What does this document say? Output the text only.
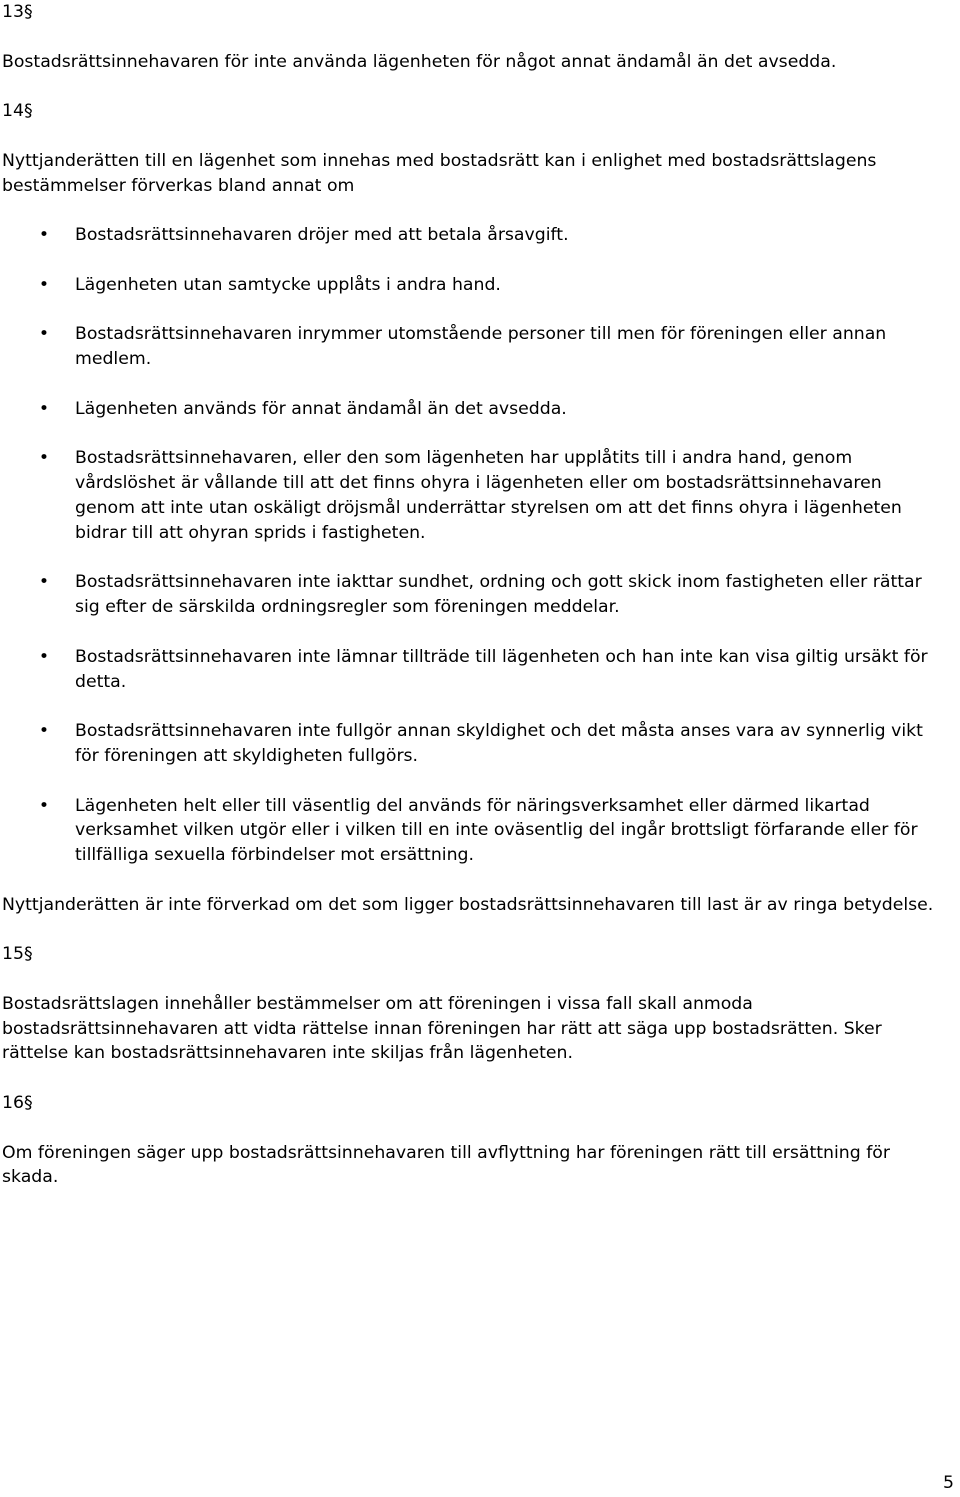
13§

Bostadsrättsinnehavaren för inte använda lägenheten för något annat ändamål än det avsedda.

14§

Nyttjanderätten till en lägenhet som innehas med bostadsrätt kan i enlighet med bostadsrättslagens bestämmelser förverkas bland annat om

• Bostadsrättsinnehavaren dröjer med att betala årsavgift.
• Lägenheten utan samtycke upplåts i andra hand.
• Bostadsrättsinnehavaren inrymmer utomstående personer till men för föreningen eller annan medlem.
• Lägenheten används för annat ändamål än det avsedda.
• Bostadsrättsinnehavaren, eller den som lägenheten har upplåtits till i andra hand, genom vårdslöshet är vållande till att det finns ohyra i lägenheten eller om bostadsrättsinnehavaren genom att inte utan oskäligt dröjsmål underrättar styrelsen om att det finns ohyra i lägenheten bidrar till att ohyran sprids i fastigheten.
• Bostadsrättsinnehavaren inte iakttar sundhet, ordning och gott skick inom fastigheten eller rättar sig efter de särskilda ordningsregler som föreningen meddelar.
• Bostadsrättsinnehavaren inte lämnar tillträde till lägenheten och han inte kan visa giltig ursäkt för detta.
• Bostadsrättsinnehavaren inte fullgör annan skyldighet och det måsta anses vara av synnerlig vikt för föreningen att skyldigheten fullgörs.
• Lägenheten helt eller till väsentlig del används för näringsverksamhet eller därmed likartad verksamhet vilken utgör eller i vilken till en inte oväsentlig del ingår brottsligt förfarande eller för tillfälliga sexuella förbindelser mot ersättning.

Nyttjanderätten är inte förverkad om det som ligger bostadsrättsinnehavaren till last är av ringa betydelse.

15§

Bostadsrättslagen innehåller bestämmelser om att föreningen i vissa fall skall anmoda bostadsrättsinnehavaren att vidta rättelse innan föreningen har rätt att säga upp bostadsrätten. Sker rättelse kan bostadsrättsinnehavaren inte skiljas från lägenheten.

16§

Om föreningen säger upp bostadsrättsinnehavaren till avflyttning har föreningen rätt till ersättning för skada.

5
